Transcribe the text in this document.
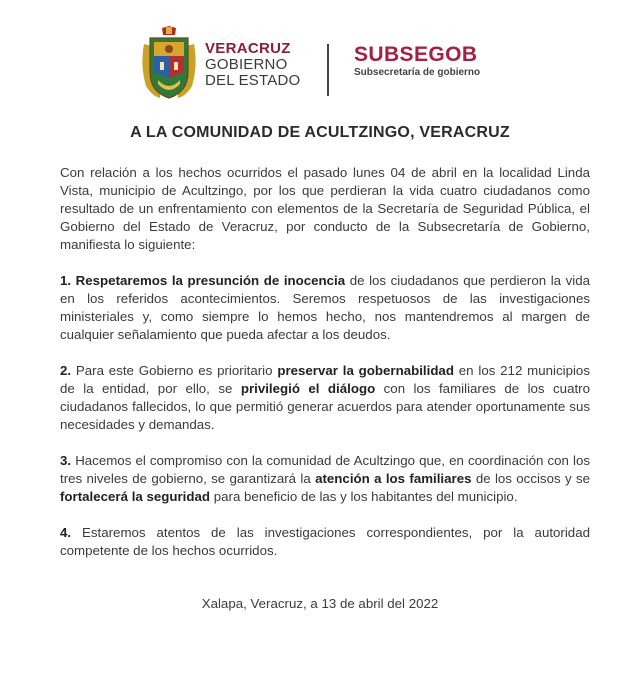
VERACRUZ
GOBIERNO
DEL ESTADO
SUBSEGOB
Subsecretaría de gobierno
A LA COMUNIDAD DE ACULTZINGO, VERACRUZ

Con relación a los hechos ocurridos el pasado lunes 04 de abril en la localidad Linda Vista, municipio de Acultzingo, por los que perdieran la vida cuatro ciudadanos como resultado de un enfrentamiento con elementos de la Secretaría de Seguridad Pública, el Gobierno del Estado de Veracruz, por conducto de la Subsecretaría de Gobierno, manifiesta lo siguiente:

1. Respetaremos la presunción de inocencia de los ciudadanos que perdieron la vida en los referidos acontecimientos. Seremos respetuosos de las investigaciones ministeriales y, como siempre lo hemos hecho, nos mantendremos al margen de cualquier señalamiento que pueda afectar a los deudos.

2. Para este Gobierno es prioritario preservar la gobernabilidad en los 212 municipios de la entidad, por ello, se privilegió el diálogo con los familiares de los cuatro ciudadanos fallecidos, lo que permitió generar acuerdos para atender oportunamente sus necesidades y demandas.

3. Hacemos el compromiso con la comunidad de Acultzingo que, en coordinación con los tres niveles de gobierno, se garantizará la atención a los familiares de los occisos y se fortalecerá la seguridad para beneficio de las y los habitantes del municipio.

4. Estaremos atentos de las investigaciones correspondientes, por la autoridad competente de los hechos ocurridos.

Xalapa, Veracruz, a 13 de abril del 2022
